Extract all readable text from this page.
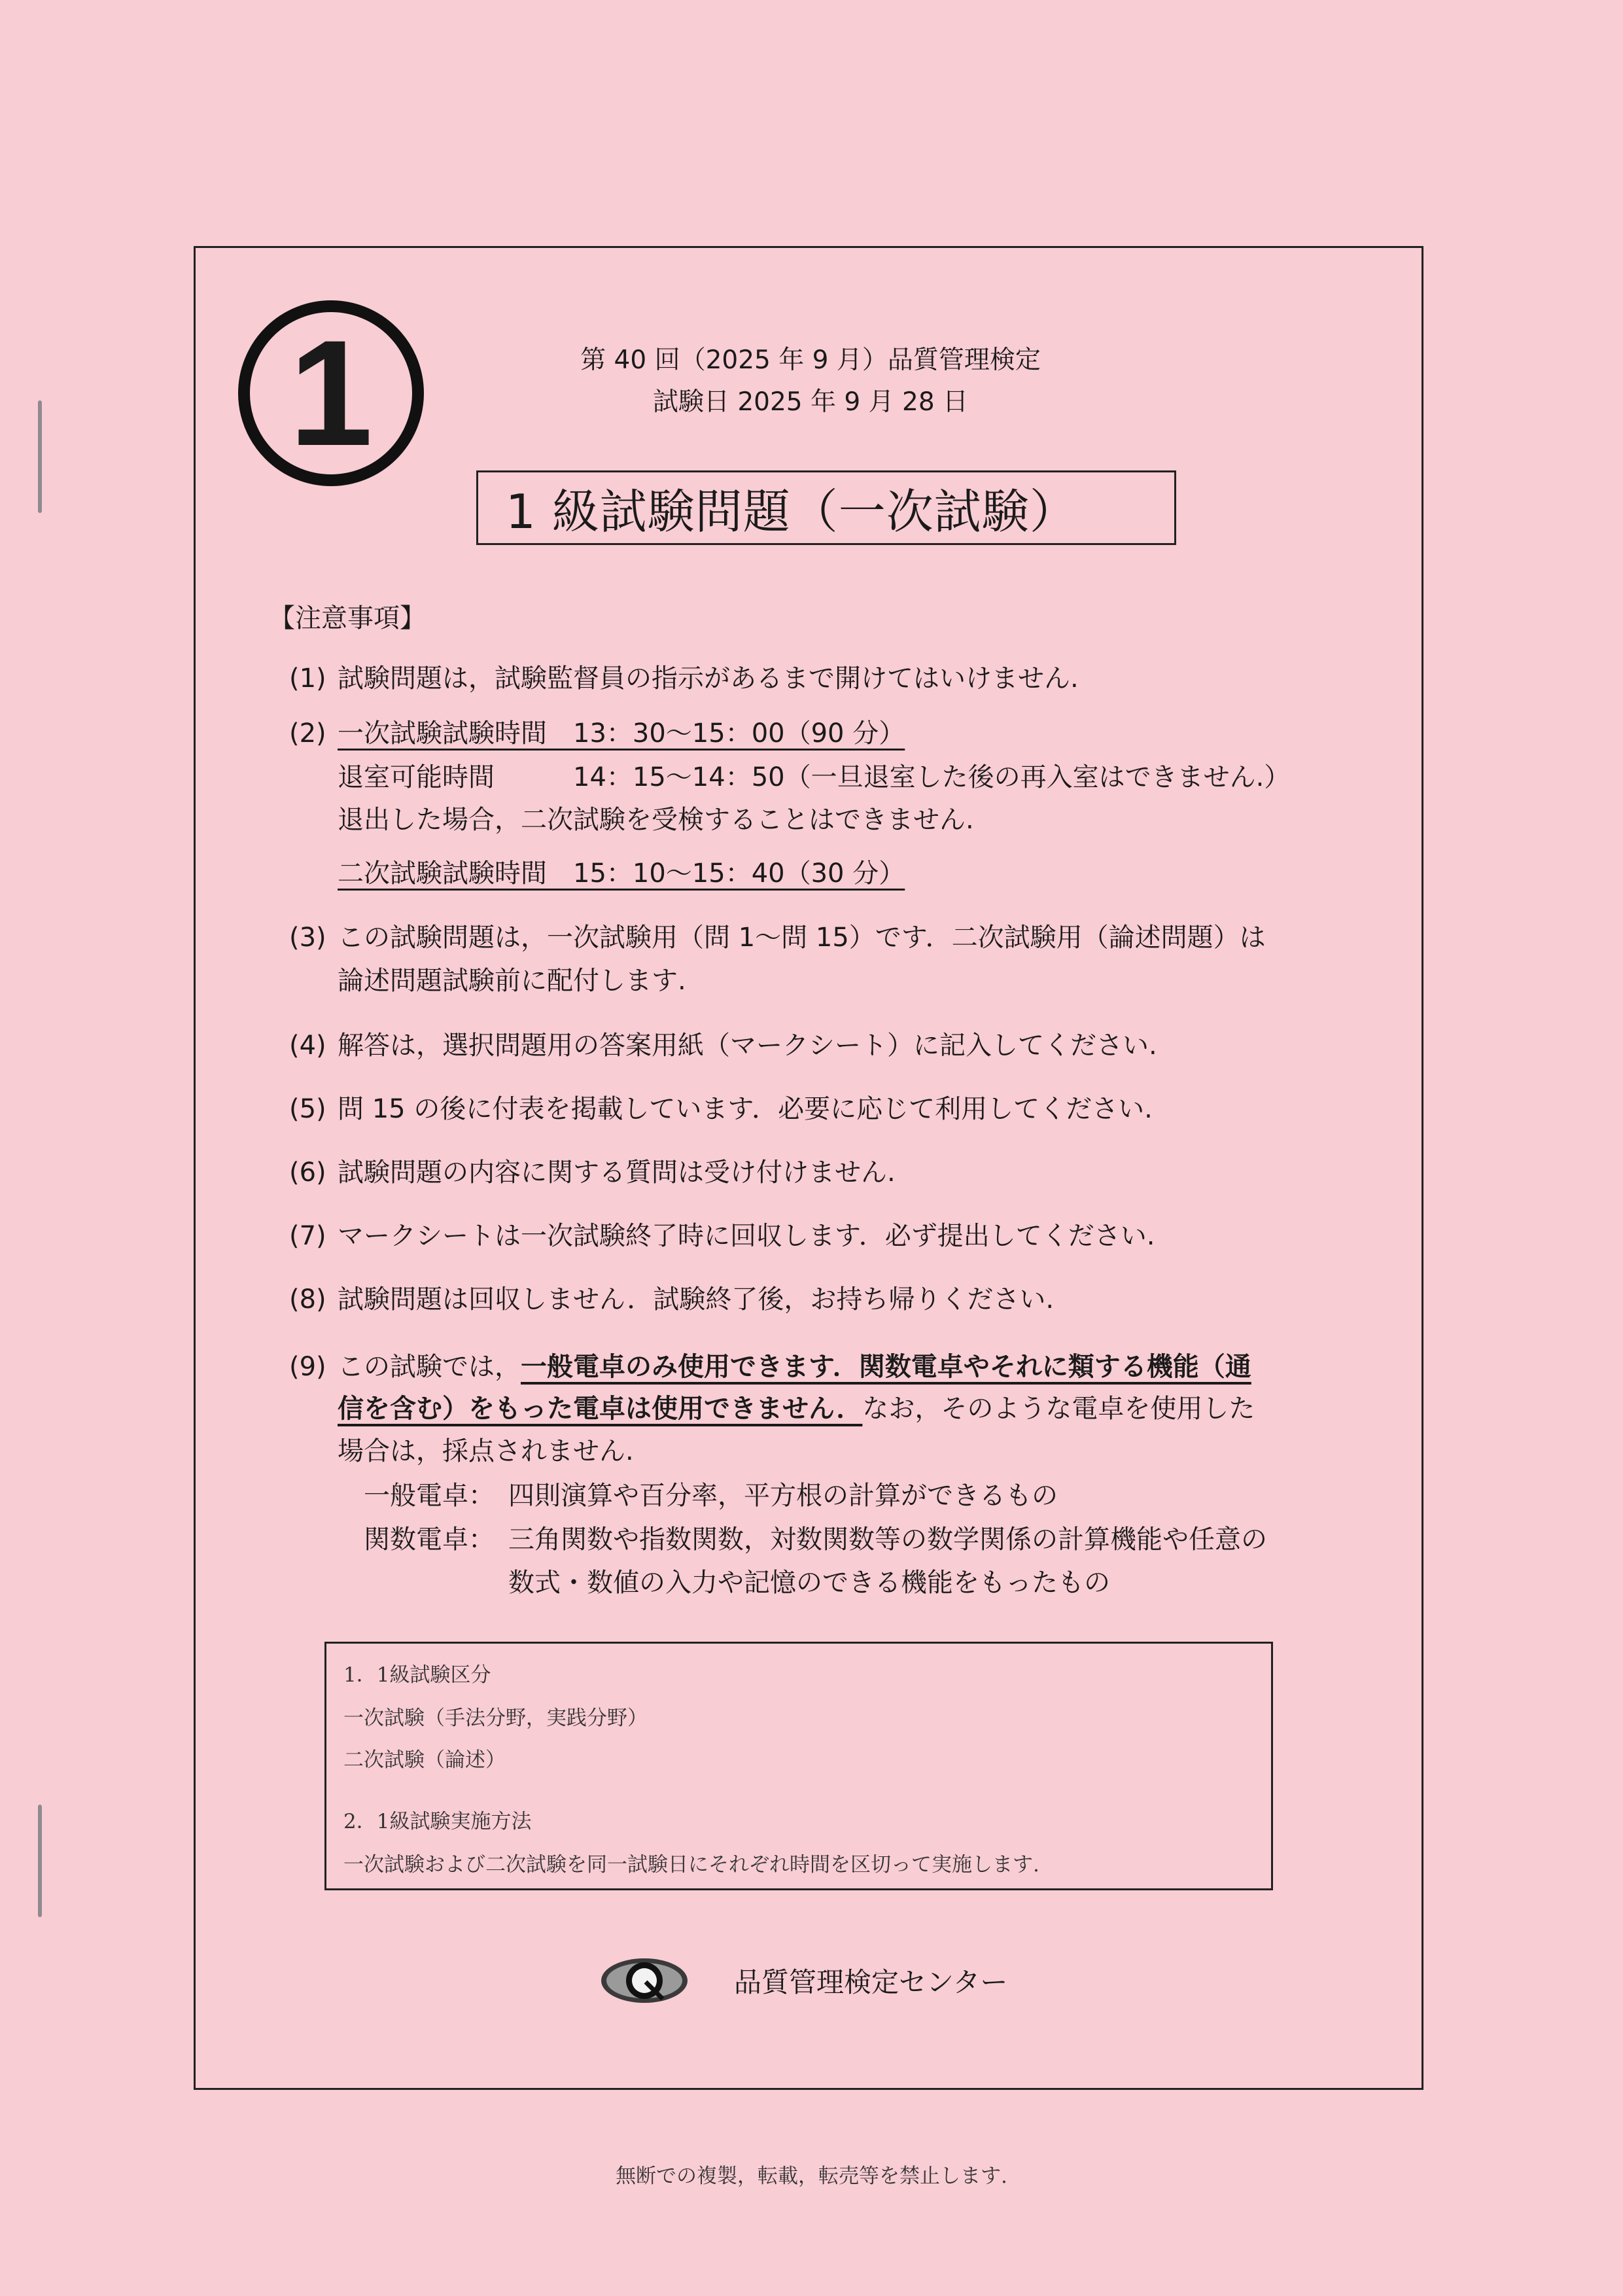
1	第 40 回（2025 年 9 月）品質管理検定
試験日 2025 年 9 月 28 日
1 級試験問題（一次試験）
【注意事項】
(1) 試験問題は，試験監督員の指示があるまで開けてはいけません.
(2) 一次試験試験時間　13：30〜15：00（90 分）
退室可能時間　　　14：15〜14：50（一旦退室した後の再入室はできません.）
退出した場合，二次試験を受検することはできません.
二次試験試験時間　15：10〜15：40（30 分）
(3) この試験問題は，一次試験用（問 1〜問 15）です．二次試験用（論述問題）は
論述問題試験前に配付します.
(4) 解答は，選択問題用の答案用紙（マークシート）に記入してください.
(5) 問 15 の後に付表を掲載しています．必要に応じて利用してください.
(6) 試験問題の内容に関する質問は受け付けません.
(7) マークシートは一次試験終了時に回収します．必ず提出してください.
(8) 試験問題は回収しません．試験終了後，お持ち帰りください.
(9) この試験では，一般電卓のみ使用できます．関数電卓やそれに類する機能（通
信を含む）をもった電卓は使用できません．なお，そのような電卓を使用した
場合は，採点されません.
一般電卓： 四則演算や百分率，平方根の計算ができるもの
関数電卓： 三角関数や指数関数，対数関数等の数学関係の計算機能や任意の
数式・数値の入力や記憶のできる機能をもったもの
1．1級試験区分
一次試験（手法分野，実践分野）
二次試験（論述）
2．1級試験実施方法
一次試験および二次試験を同一試験日にそれぞれ時間を区切って実施します.
品質管理検定センター
無断での複製，転載，転売等を禁止します.
